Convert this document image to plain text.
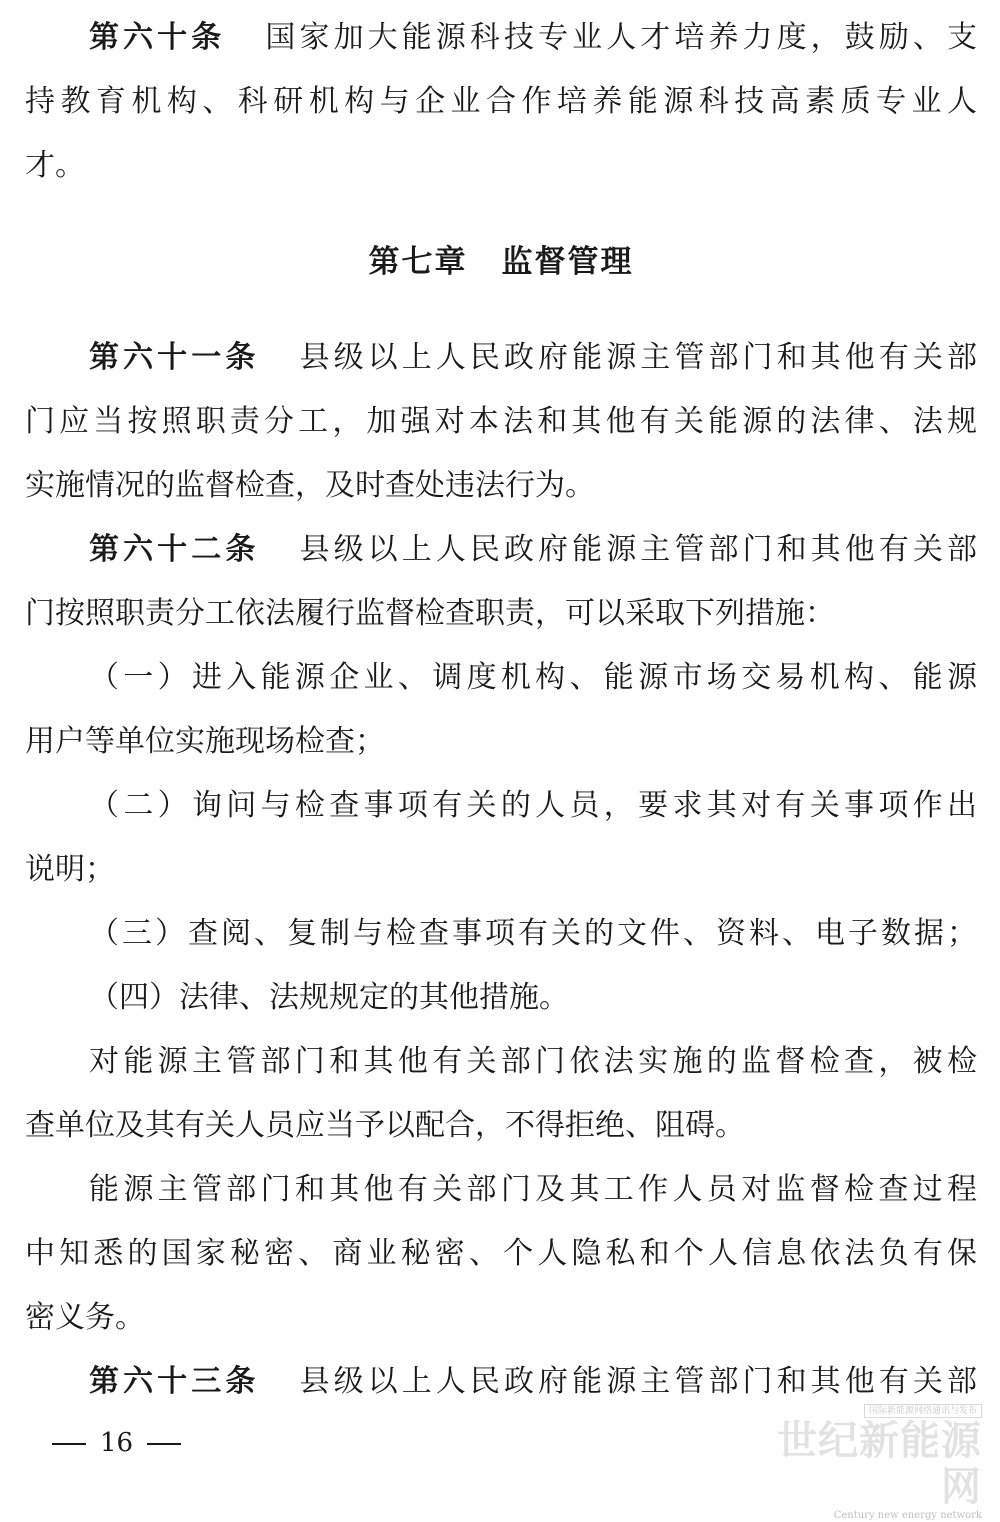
第六十条 国家加大能源科技专业人才培养力度，鼓励、支
持教育机构、科研机构与企业合作培养能源科技高素质专业人
才。
第七章 监督管理
第六十一条 县级以上人民政府能源主管部门和其他有关部
门应当按照职责分工，加强对本法和其他有关能源的法律、法规
实施情况的监督检查，及时查处违法行为。
第六十二条 县级以上人民政府能源主管部门和其他有关部
门按照职责分工依法履行监督检查职责，可以采取下列措施：
（一）进入能源企业、调度机构、能源市场交易机构、能源
用户等单位实施现场检查；
（二）询问与检查事项有关的人员，要求其对有关事项作出
说明；
（三）查阅、复制与检查事项有关的文件、资料、电子数据；
（四）法律、法规规定的其他措施。
对能源主管部门和其他有关部门依法实施的监督检查，被检
查单位及其有关人员应当予以配合，不得拒绝、阻碍。
能源主管部门和其他有关部门及其工作人员对监督检查过程
中知悉的国家秘密、商业秘密、个人隐私和个人信息依法负有保
密义务。
第六十三条 县级以上人民政府能源主管部门和其他有关部
16
国际新能源网络通讯与发布
世纪新能源网
Century new energy network
